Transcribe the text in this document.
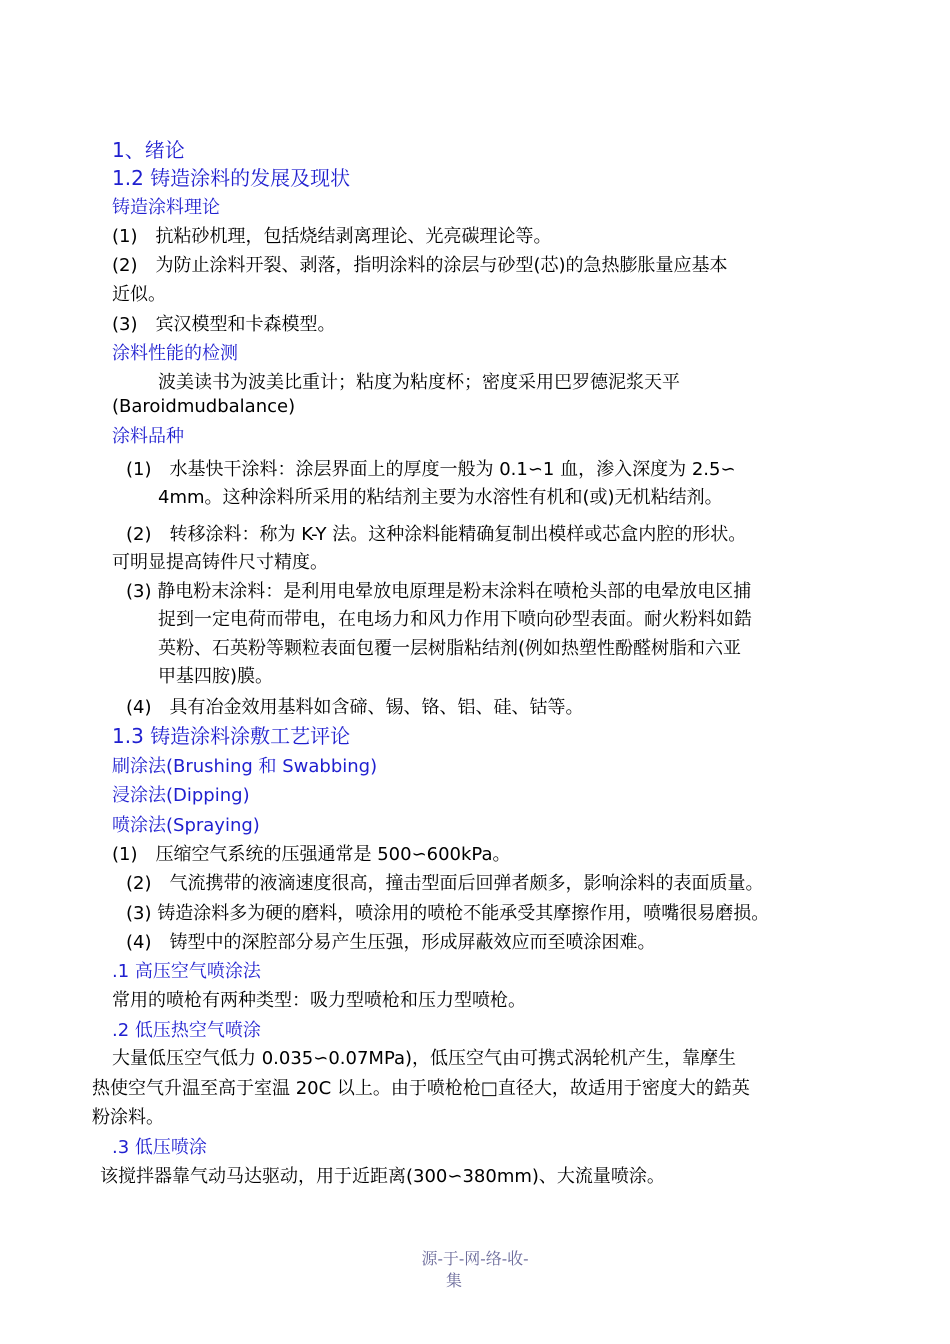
1、绪论
1.2 铸造涂料的发展及现状
铸造涂料理论
(1)　抗粘砂机理，包括烧结剥离理论、光亮碳理论等。
(2)　为防止涂料开裂、剥落，指明涂料的涂层与砂型(芯)的急热膨胀量应基本
近似。
(3)　宾汉模型和卡森模型。
涂料性能的检测
波美读书为波美比重计；粘度为粘度杯；密度采用巴罗德泥浆天平
(Baroidmudbalance)
涂料品种
(1)　水基快干涂料：涂层界面上的厚度一般为 0.1∽1 血，渗入深度为 2.5∽
4mm。这种涂料所采用的粘结剂主要为水溶性有机和(或)无机粘结剂。
(2)　转移涂料：称为 K-Y 法。这种涂料能精确复制出模样或芯盒内腔的形状。
可明显提高铸件尺寸精度。
(3) 静电粉末涂料：是利用电晕放电原理是粉末涂料在喷枪头部的电晕放电区捕
捉到一定电荷而带电，在电场力和风力作用下喷向砂型表面。耐火粉料如鋯
英粉、石英粉等颗粒表面包覆一层树脂粘结剂(例如热塑性酚醛树脂和六亚
甲基四胺)膜。
(4)　具有冶金效用基料如含碲、锡、铬、铝、硅、钴等。
1.3 铸造涂料涂敷工艺评论
刷涂法(Brushing 和 Swabbing)
浸涂法(Dipping)
喷涂法(Spraying)
(1)　压缩空气系统的压强通常是 500∽600kPa。
(2)　气流携带的液滴速度很高，撞击型面后回弹者颇多，影响涂料的表面质量。
(3) 铸造涂料多为硬的磨料，喷涂用的喷枪不能承受其摩擦作用，喷嘴很易磨损。
(4)　铸型中的深腔部分易产生压强，形成屏蔽效应而至喷涂困难。
.1 高压空气喷涂法
常用的喷枪有两种类型：吸力型喷枪和压力型喷枪。
.2 低压热空气喷涂
大量低压空气低力 0.035∽0.07MPa)，低压空气由可携式涡轮机产生，靠摩生
热使空气升温至高于室温 20C 以上。由于喷枪枪□直径大，故适用于密度大的鋯英
粉涂料。
.3 低压喷涂
该搅拌器靠气动马达驱动，用于近距离(300∽380mm)、大流量喷涂。
源-于-网-络-收-
集
